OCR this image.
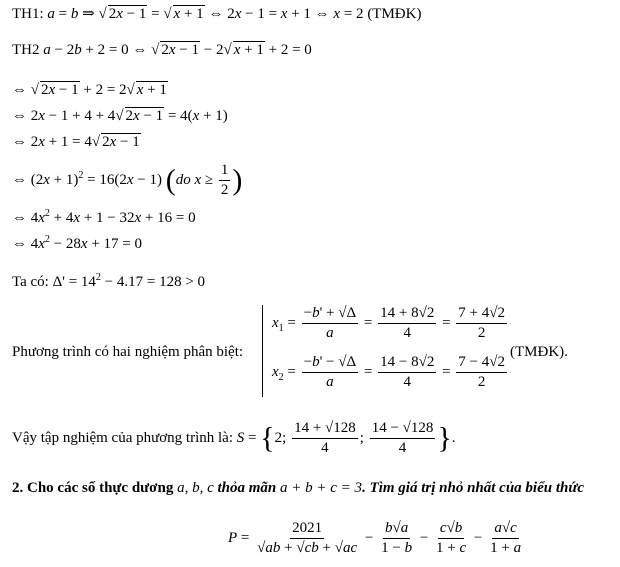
TH1: a = b ⇒ √ 2x − 1 = √ x + 1 ⇔ 2x − 1 = x + 1 ⇔ x = 2 (TMĐK)
TH2 a − 2b + 2 = 0 ⇔ √ 2x − 1 − 2√ x + 1 + 2 = 0
⇔ √ 2x − 1 + 2 = 2√ x + 1
⇔ 2x − 1 + 4 + 4√ 2x − 1 = 4(x + 1)
⇔ 2x + 1 = 4√ 2x − 1
⇔ $(2x + 1)^2 = 16(2x - 1)$ (do $x \ge \frac{1}{2}$ )
⇔ $4x^2 + 4x + 1 - 32x + 16 = 0$
⇔ $4x^2 - 28x + 17 = 0$
Ta có: $\Delta' = 14^2 - 4.17 = 128 > 0$
Phương trình có hai nghiệm phân biệt:
$x_1 = \frac{-b' + √\Delta}{a} = \frac{14 + 8√2}{4} = \frac{7 + 4√2}{2}$
$x_2 = \frac{-b' - √\Delta}{a} = \frac{14 - 8√2}{4} = \frac{7 - 4√2}{2}$
(TMĐK).
Vậy tập nghiệm của phương trình là: S = {2; $\frac{14 + √128}{4}$ ; $\frac{14 - √128}{4}$ }.
2. Cho các số thực dương a, b, c thỏa mãn a + b + c = 3. Tìm giá trị nhỏ nhất của biểu thức
$P = \frac{2021}{√ab + √cb + √ac} - \frac{b√a}{1 - b} - \frac{c√b}{1 + c} - \frac{a√c}{1 + a}$
